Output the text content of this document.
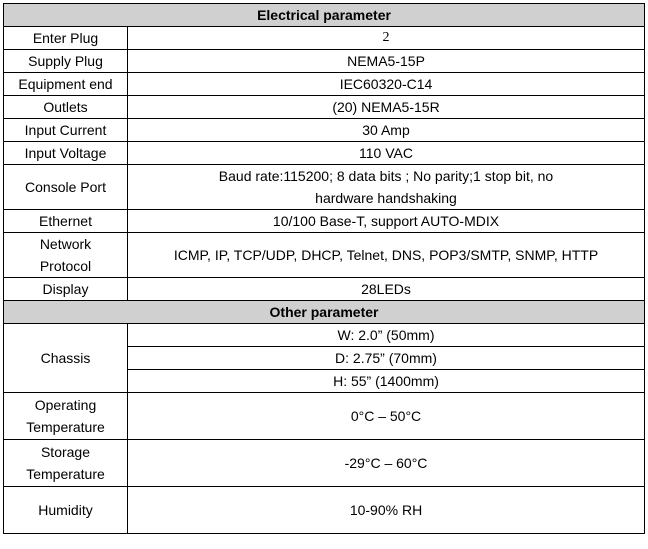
Electrical parameter	
Enter Plug	2
Supply Plug	NEMA5-15P
Equipment end	IEC60320-C14
Outlets	(20) NEMA5-15R
Input Current	30 Amp
Input Voltage	110 VAC
Console Port	Baud rate:115200; 8 data bits ; No parity;1 stop bit, no hardware handshaking
Ethernet	10/100 Base-T, support AUTO-MDIX
Network Protocol	ICMP, IP, TCP/UDP, DHCP, Telnet, DNS, POP3/SMTP, SNMP, HTTP
Display	28LEDs
Other parameter	
Chassis	W: 2.0” (50mm)
	D: 2.75” (70mm)
	H: 55” (1400mm)
Operating Temperature	0°C – 50°C
Storage Temperature	-29°C – 60°C
Humidity	10-90% RH
